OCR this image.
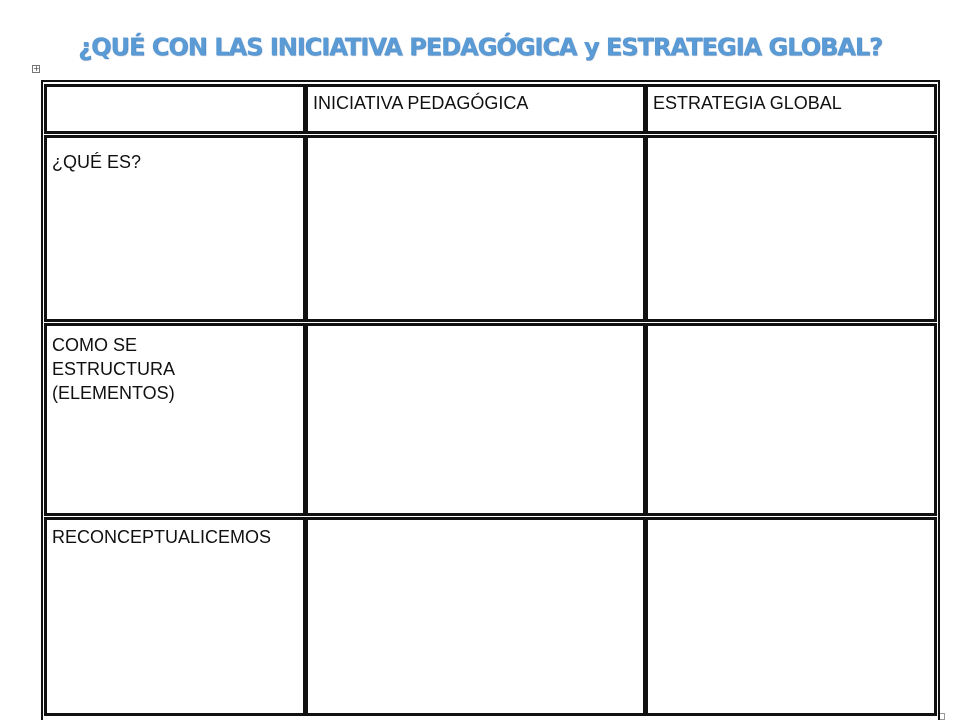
¿QUÉ CON LAS INICIATIVA PEDAGÓGICA y ESTRATEGIA GLOBAL?
+
INICIATIVA PEDAGÓGICA	ESTRATEGIA GLOBAL
¿QUÉ ES?
COMO SE ESTRUCTURA (ELEMENTOS)
RECONCEPTUALICEMOS
